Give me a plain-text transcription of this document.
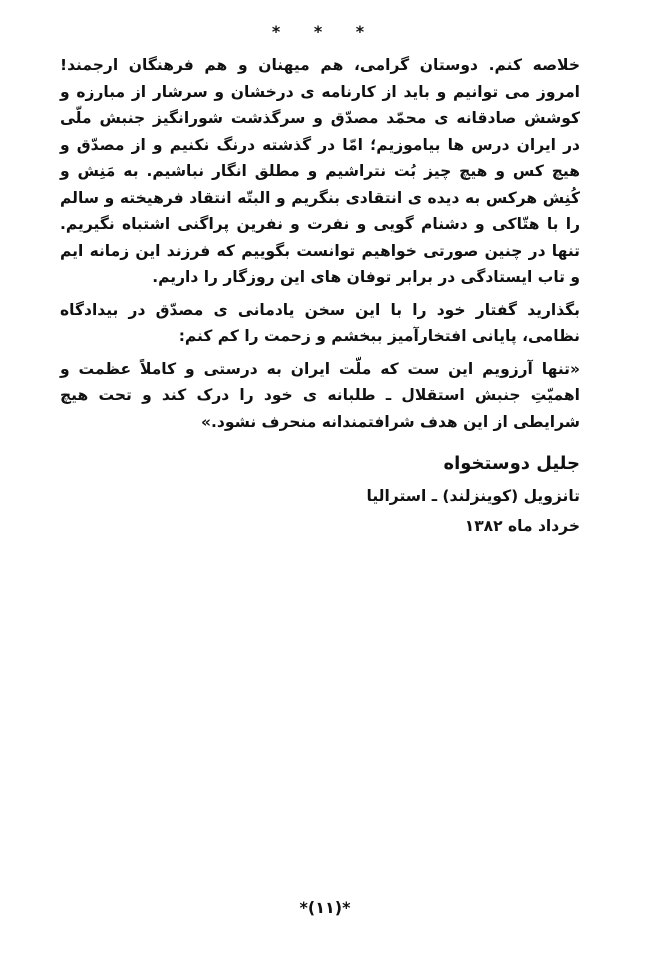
* * *

خلاصه کنم. دوستان گرامی، هم میهنان و هم فرهنگان ارجمند! امروز می توانیم و باید از کارنامه ی درخشان و سرشار از مبارزه و کوشش صادقانه ی محمّد مصدّق و سرگذشت شورانگیز جنبش ملّی در ایران درس ها بیاموزیم؛ امّا در گذشته درنگ نکنیم و از مصدّق و هیچ کس و هیچ چیز بُت نتراشیم و مطلق انگار نباشیم. به مَنِش و کُنِش هرکس به دیده ی انتقادی بنگریم و البتّه انتقاد فرهیخته و سالم را با هتّاکی و دشنام گویی و نفرت و نفرین پراگنی اشتباه نگیریم. تنها در چنین صورتی خواهیم توانست بگوییم که فرزند این زمانه ایم و تاب ایستادگی در برابر توفان های این روزگار را داریم.

بگذارید گفتار خود را با این سخن یادمانی ی مصدّق در بیدادگاه نظامی، پایانی افتخارآمیز ببخشم و زحمت را کم کنم:

«تنها آرزویم این ست که ملّت ایران به درستی و کاملاً عظمت و اهمیّتِ جنبش استقلال ـ طلبانه ی خود را درک کند و تحت هیچ شرایطی از این هدف شرافتمندانه منحرف نشود.»

جلیل دوستخواه
تانزویل (کوینزلند) ـ استرالیا
خرداد ماه ۱۳۸۲
*(۱۱)*
